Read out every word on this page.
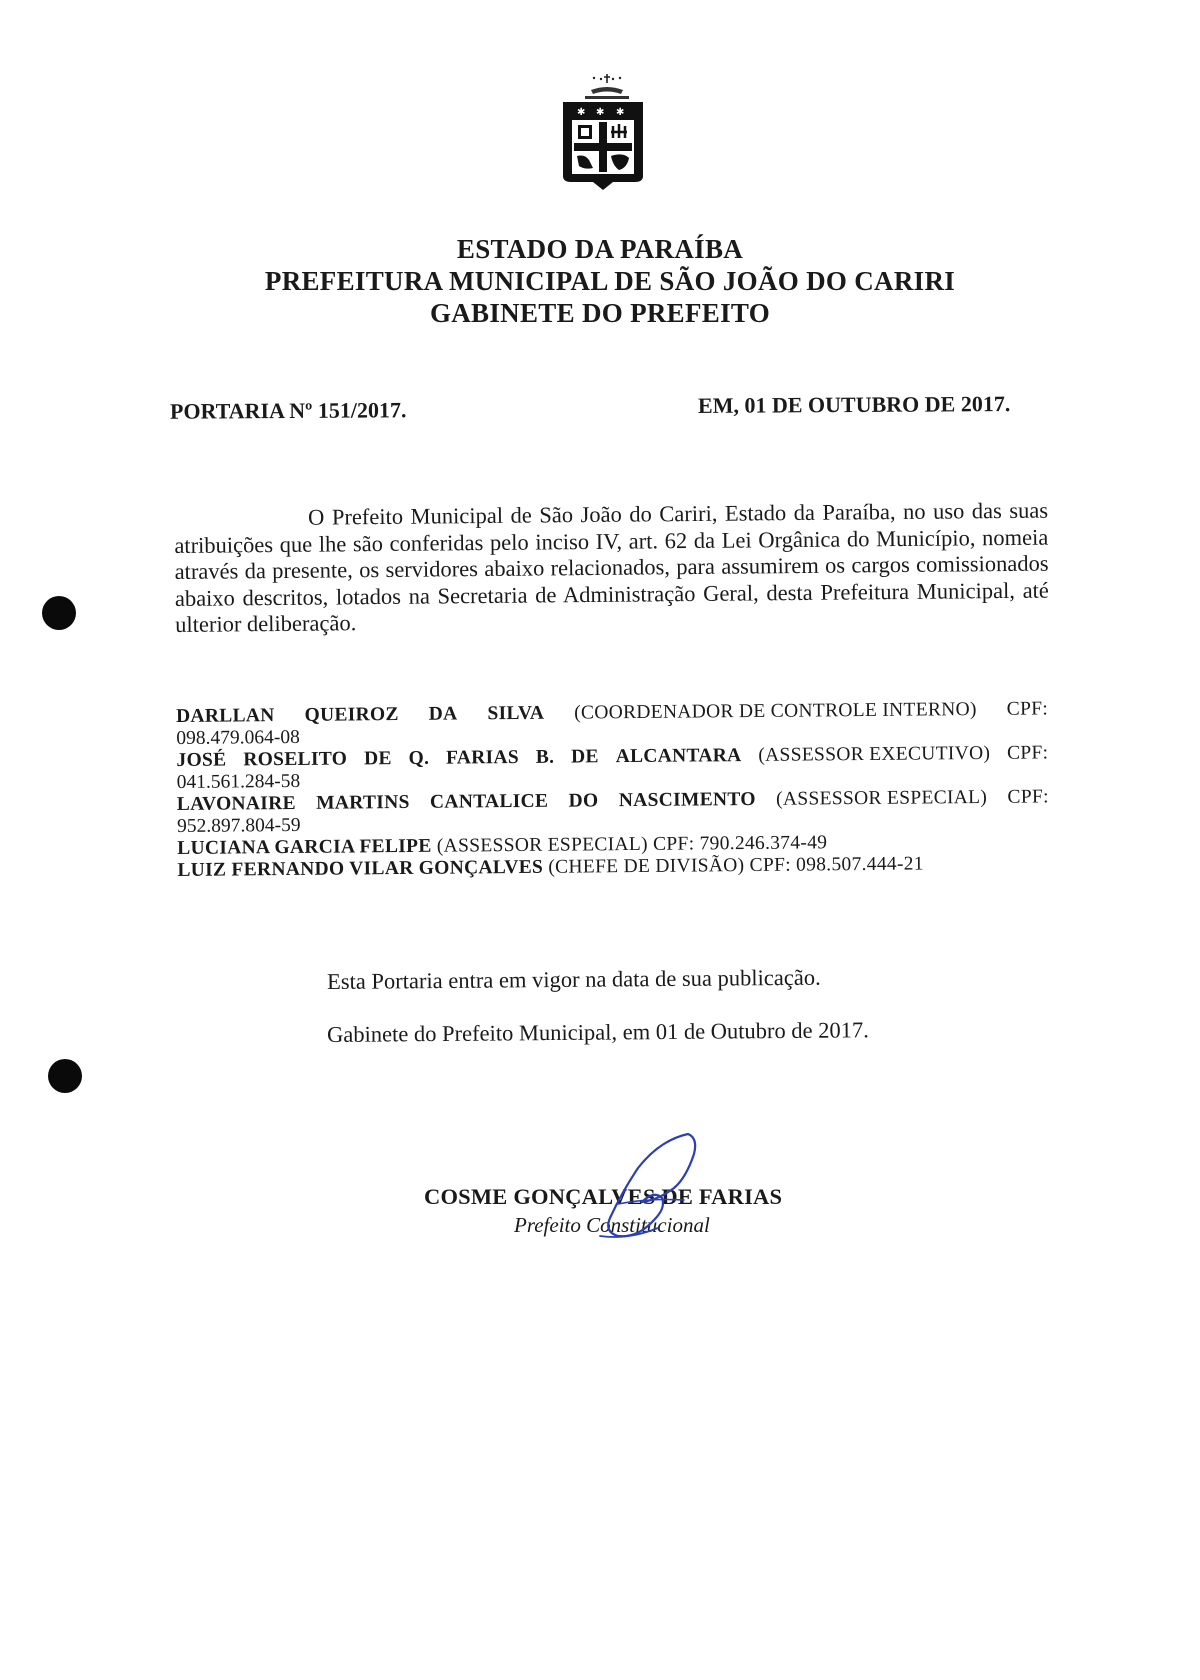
✱ ✱ ✱
ESTADO DA PARAÍBA
PREFEITURA MUNICIPAL DE SÃO JOÃO DO CARIRI
GABINETE DO PREFEITO
PORTARIA Nº 151/2017.	EM, 01 DE OUTUBRO DE 2017.
O Prefeito Municipal de São João do Cariri, Estado da Paraíba, no uso das suas atribuições que lhe são conferidas pelo inciso IV, art. 62 da Lei Orgânica do Município, nomeia através da presente, os servidores abaixo relacionados, para assumirem os cargos comissionados abaixo descritos, lotados na Secretaria de Administração Geral, desta Prefeitura Municipal, até ulterior deliberação.
DARLLAN QUEIROZ DA SILVA (COORDENADOR DE CONTROLE INTERNO) CPF:
098.479.064-08
JOSÉ ROSELITO DE Q. FARIAS B. DE ALCANTARA (ASSESSOR EXECUTIVO) CPF:
041.561.284-58
LAVONAIRE MARTINS CANTALICE DO NASCIMENTO (ASSESSOR ESPECIAL) CPF:
952.897.804-59
LUCIANA GARCIA FELIPE (ASSESSOR ESPECIAL) CPF: 790.246.374-49
LUIZ FERNANDO VILAR GONÇALVES (CHEFE DE DIVISÃO) CPF: 098.507.444-21
Esta Portaria entra em vigor na data de sua publicação.
Gabinete do Prefeito Municipal, em 01 de Outubro de 2017.
COSME GONÇALVES DE FARIAS
Prefeito Constitucional
